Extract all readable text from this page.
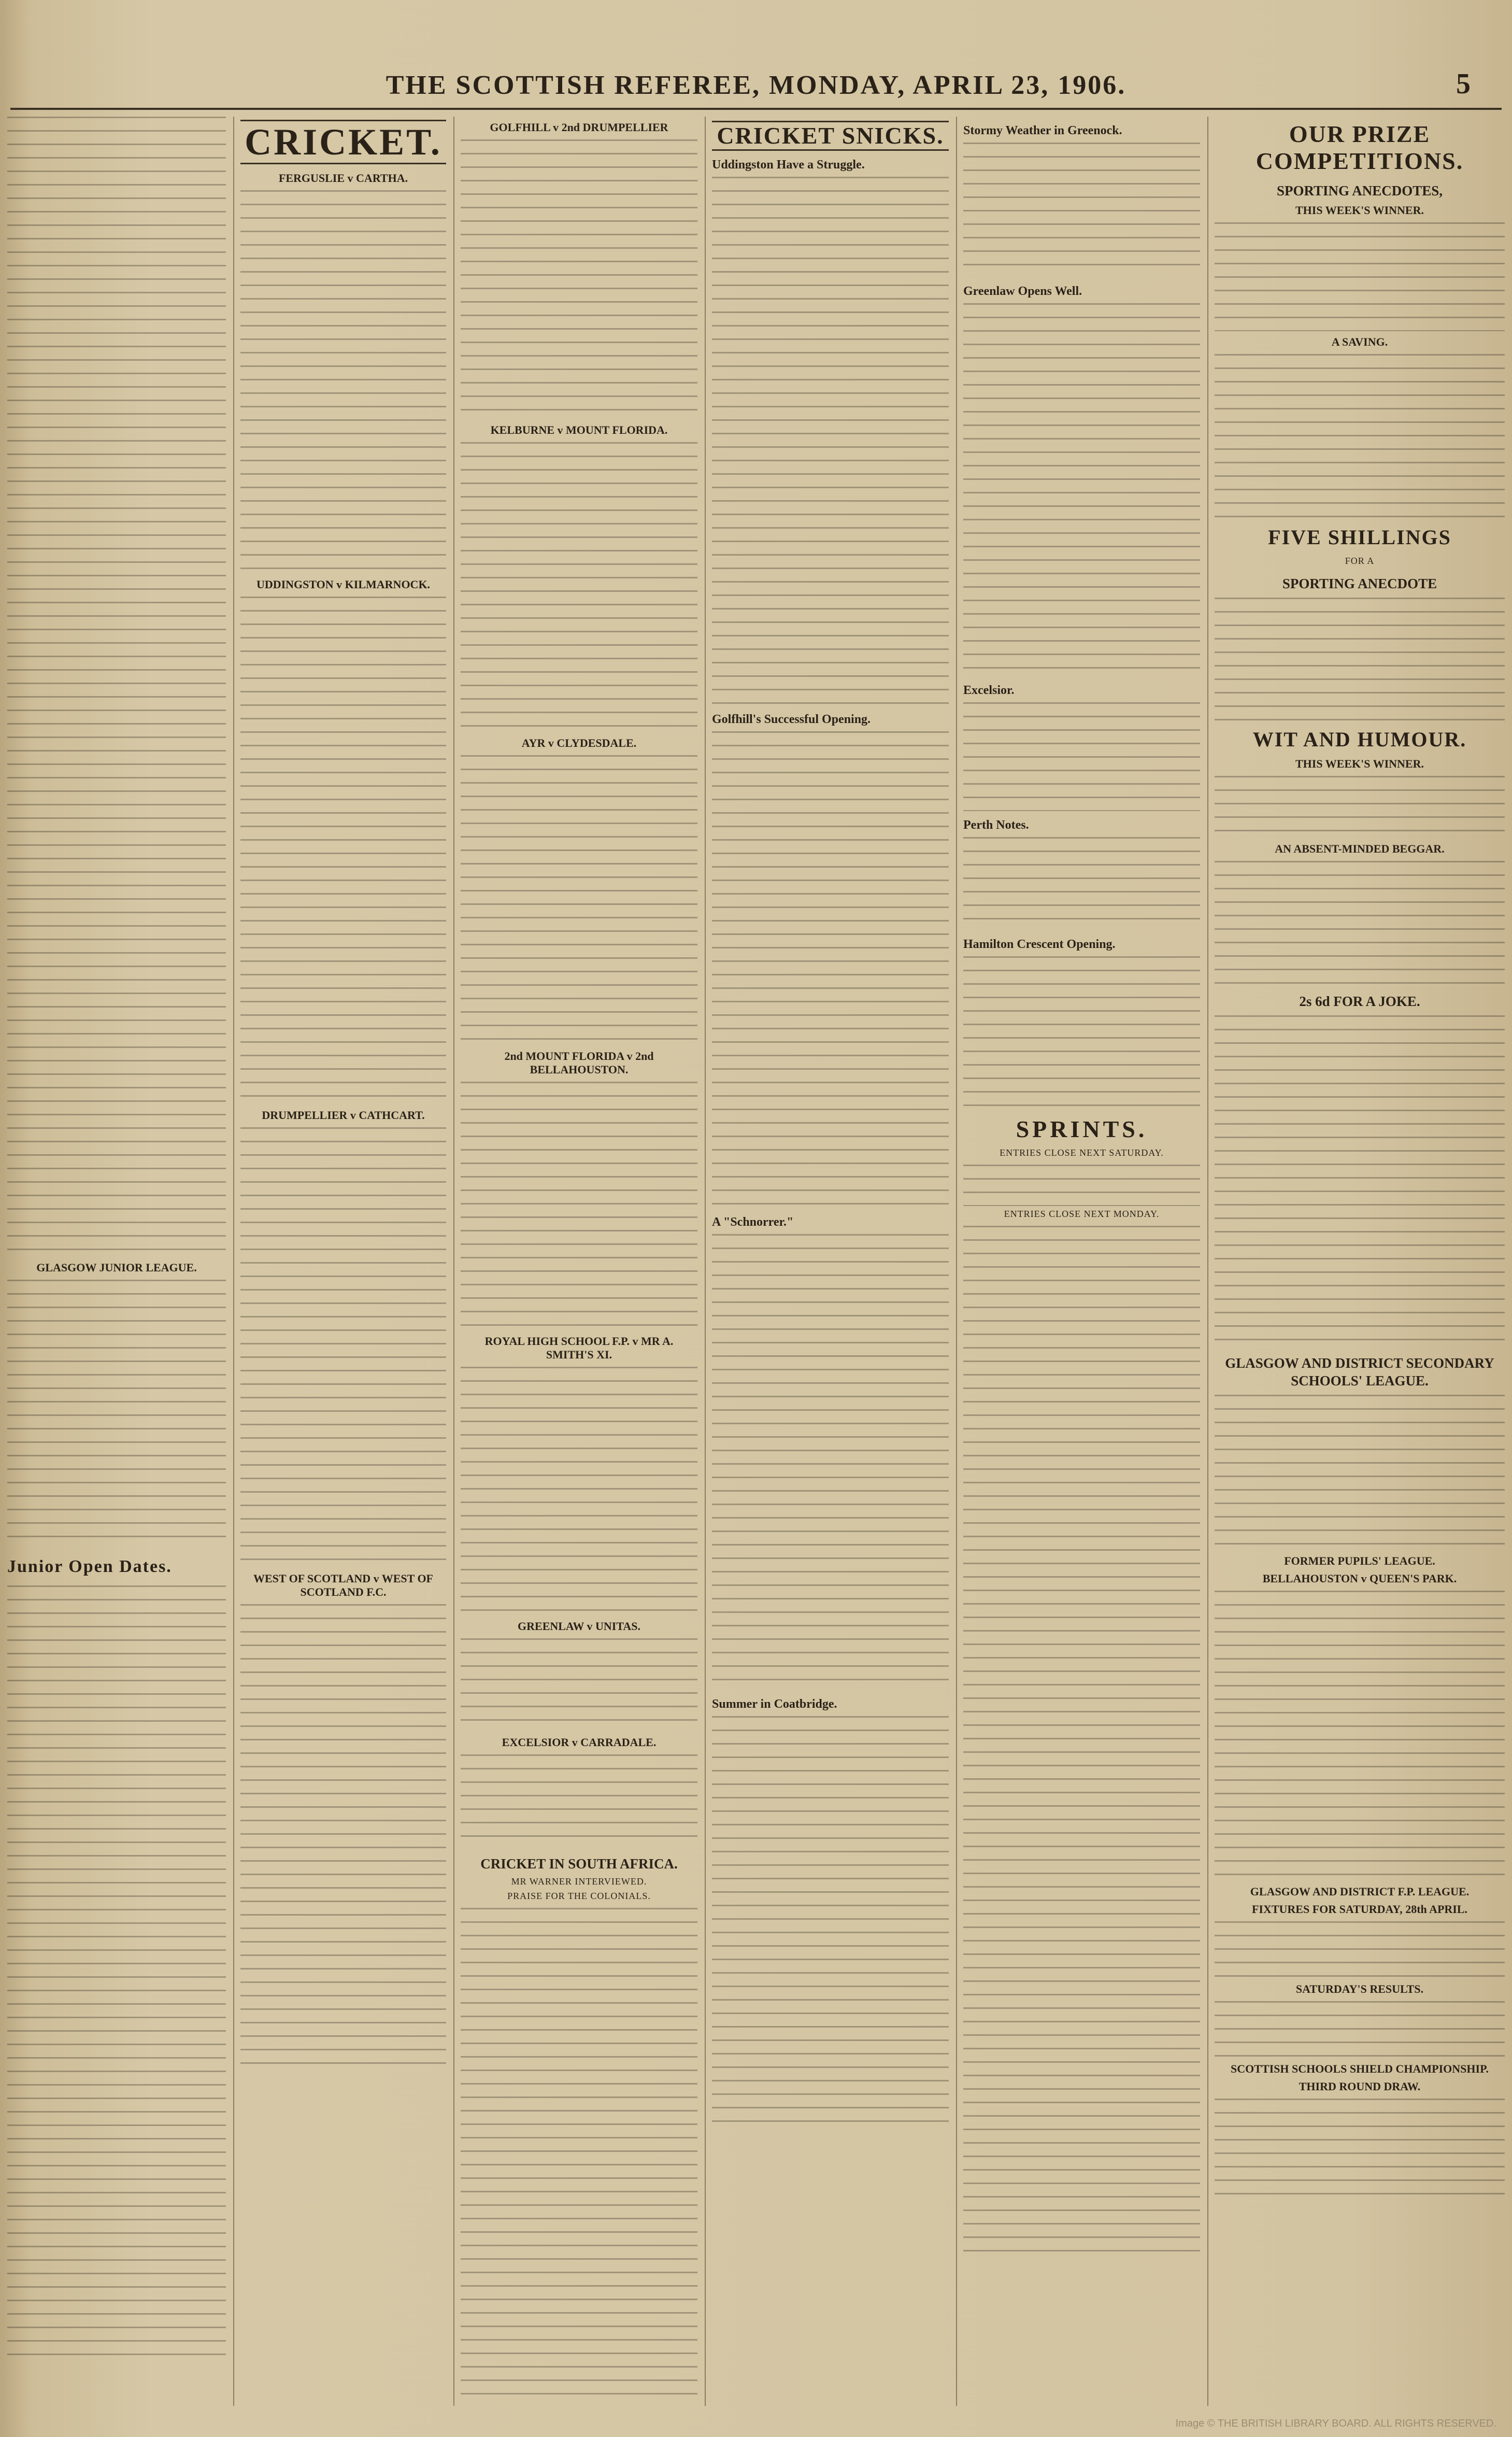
THE SCOTTISH REFEREE, MONDAY, APRIL 23, 1906.	5
GLASGOW JUNIOR LEAGUE.
Junior Open Dates.
CRICKET.
FERGUSLIE v CARTHA.
UDDINGSTON v KILMARNOCK.
DRUMPELLIER v CATHCART.
WEST OF SCOTLAND v WEST OF SCOTLAND F.C.
GOLFHILL v 2nd DRUMPELLIER
KELBURNE v MOUNT FLORIDA.
AYR v CLYDESDALE.
2nd MOUNT FLORIDA v 2nd BELLAHOUSTON.
ROYAL HIGH SCHOOL F.P. v MR A. SMITH'S XI.
GREENLAW v UNITAS.
EXCELSIOR v CARRADALE.
CRICKET IN SOUTH AFRICA.
MR WARNER INTERVIEWED.
PRAISE FOR THE COLONIALS.
CRICKET SNICKS.
Uddingston Have a Struggle.
Golfhill's Successful Opening.
A "Schnorrer."
Summer in Coatbridge.
Stormy Weather in Greenock.
Greenlaw Opens Well.
Excelsior.
Perth Notes.
Hamilton Crescent Opening.
SPRINTS.
ENTRIES CLOSE NEXT SATURDAY.
ENTRIES CLOSE NEXT MONDAY.
OUR PRIZE COMPETITIONS.
SPORTING ANECDOTES,
THIS WEEK'S WINNER.
A SAVING.
FIVE SHILLINGS
FOR A
SPORTING ANECDOTE
WIT AND HUMOUR.
THIS WEEK'S WINNER.
AN ABSENT-MINDED BEGGAR.
2s 6d FOR A JOKE.
GLASGOW AND DISTRICT SECONDARY SCHOOLS' LEAGUE.
FORMER PUPILS' LEAGUE.
BELLAHOUSTON v QUEEN'S PARK.
GLASGOW AND DISTRICT F.P. LEAGUE.
FIXTURES FOR SATURDAY, 28th APRIL.
SATURDAY'S RESULTS.
SCOTTISH SCHOOLS SHIELD CHAMPIONSHIP.
THIRD ROUND DRAW.
Image © THE BRITISH LIBRARY BOARD. ALL RIGHTS RESERVED.
